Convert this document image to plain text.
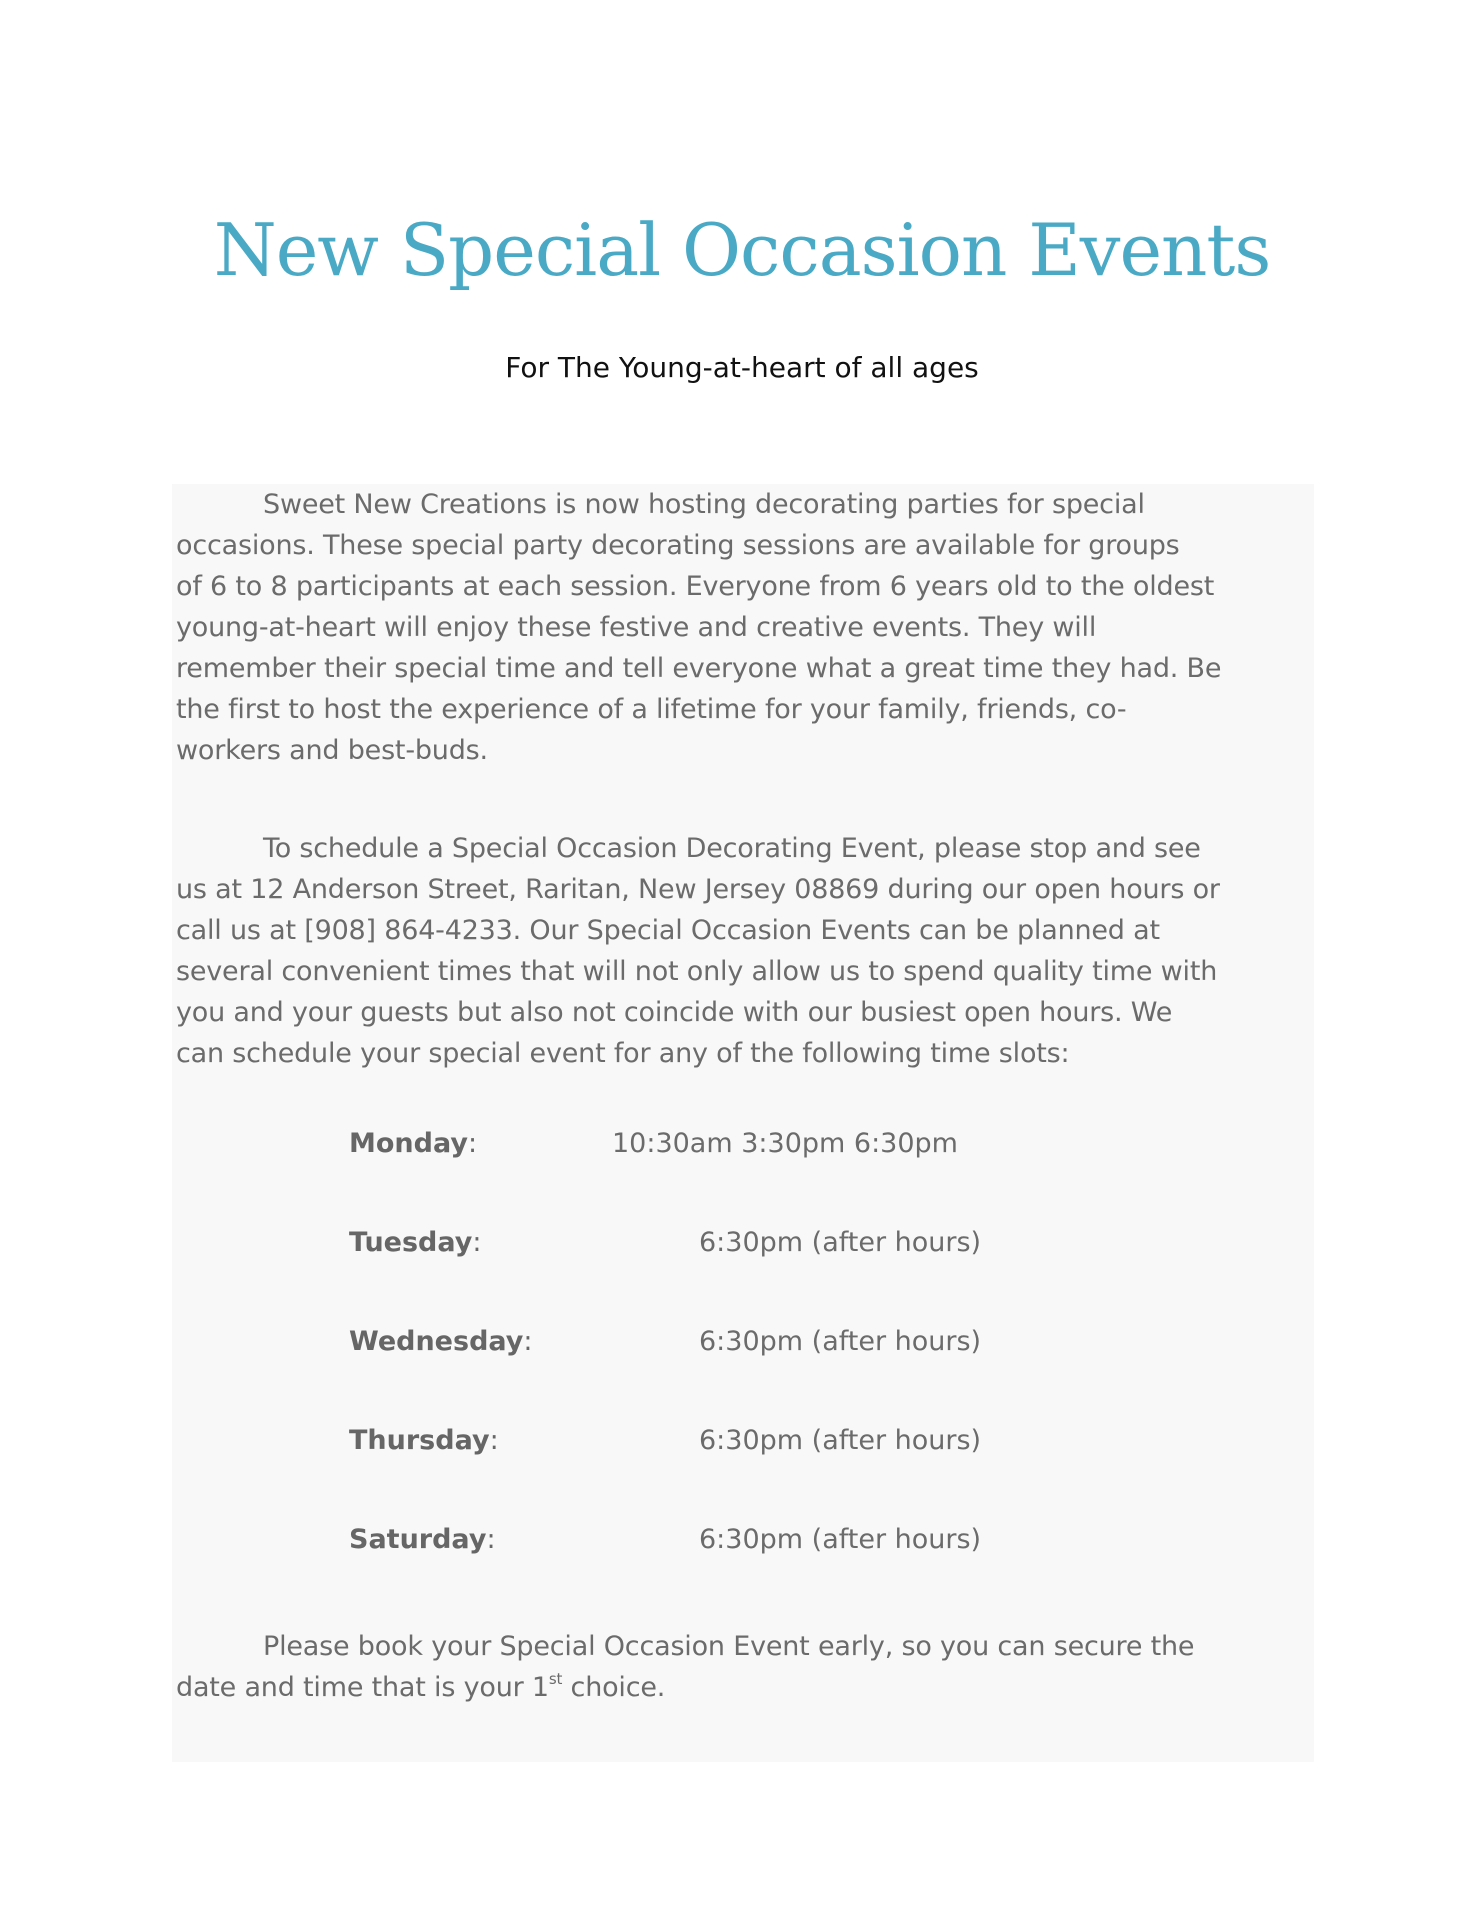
New Special Occasion Events

For The Young-at-heart of all ages

Sweet New Creations is now hosting decorating parties for special
occasions. These special party decorating sessions are available for groups
of 6 to 8 participants at each session. Everyone from 6 years old to the oldest
young-at-heart will enjoy these festive and creative events. They will
remember their special time and tell everyone what a great time they had. Be
the first to host the experience of a lifetime for your family, friends, co-
workers and best-buds.

To schedule a Special Occasion Decorating Event, please stop and see
us at 12 Anderson Street, Raritan, New Jersey 08869 during our open hours or
call us at [908] 864-4233. Our Special Occasion Events can be planned at
several convenient times that will not only allow us to spend quality time with
you and your guests but also not coincide with our busiest open hours. We
can schedule your special event for any of the following time slots:

Monday:	10:30am 3:30pm 6:30pm
Tuesday:	6:30pm (after hours)
Wednesday:	6:30pm (after hours)
Thursday:	6:30pm (after hours)
Saturday:	6:30pm (after hours)

Please book your Special Occasion Event early, so you can secure the
date and time that is your 1st choice.
